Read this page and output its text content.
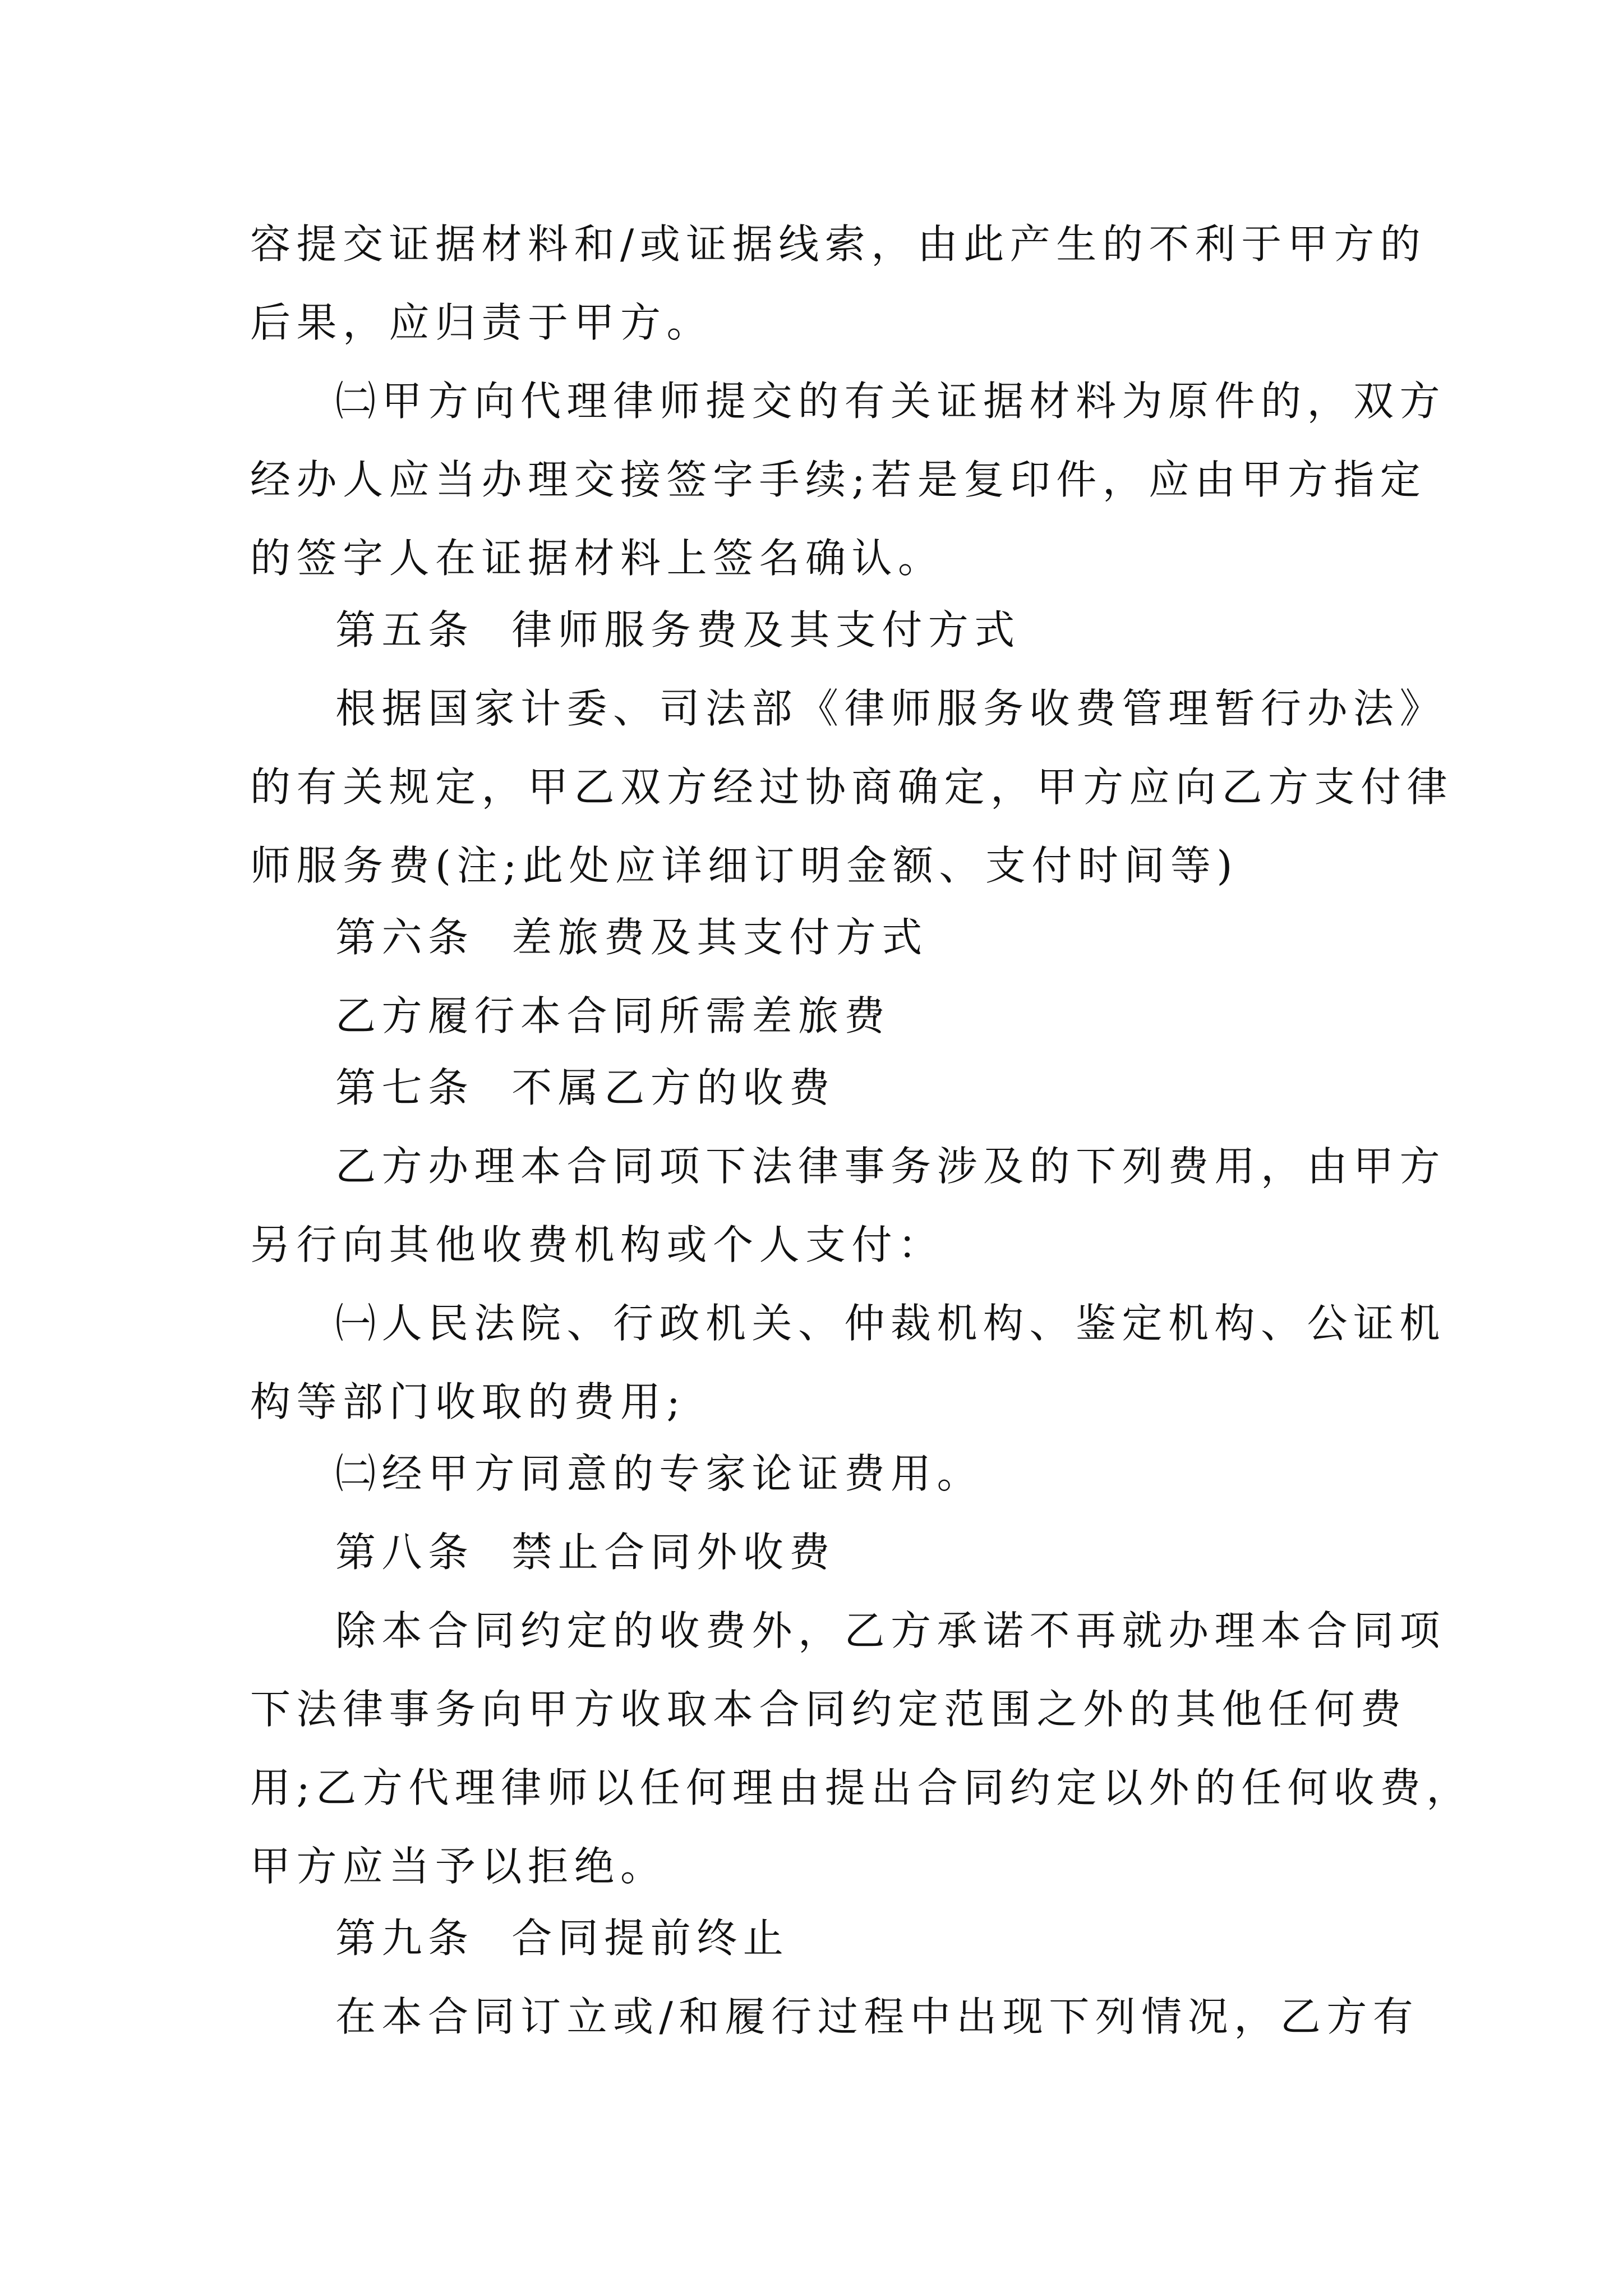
容提交证据材料和/或证据线索，由此产生的不利于甲方的
后果，应归责于甲方。
㈡甲方向代理律师提交的有关证据材料为原件的，双方
经办人应当办理交接签字手续;若是复印件，应由甲方指定
的签字人在证据材料上签名确认。
第五条  律师服务费及其支付方式
根据国家计委、司法部《律师服务收费管理暂行办法》
的有关规定，甲乙双方经过协商确定，甲方应向乙方支付律
师服务费(注;此处应详细订明金额、支付时间等)
第六条  差旅费及其支付方式
乙方履行本合同所需差旅费
第七条  不属乙方的收费
乙方办理本合同项下法律事务涉及的下列费用，由甲方
另行向其他收费机构或个人支付：
㈠人民法院、行政机关、仲裁机构、鉴定机构、公证机
构等部门收取的费用;
㈡经甲方同意的专家论证费用。
第八条  禁止合同外收费
除本合同约定的收费外，乙方承诺不再就办理本合同项
下法律事务向甲方收取本合同约定范围之外的其他任何费
用;乙方代理律师以任何理由提出合同约定以外的任何收费，
甲方应当予以拒绝。
第九条  合同提前终止
在本合同订立或/和履行过程中出现下列情况，乙方有
